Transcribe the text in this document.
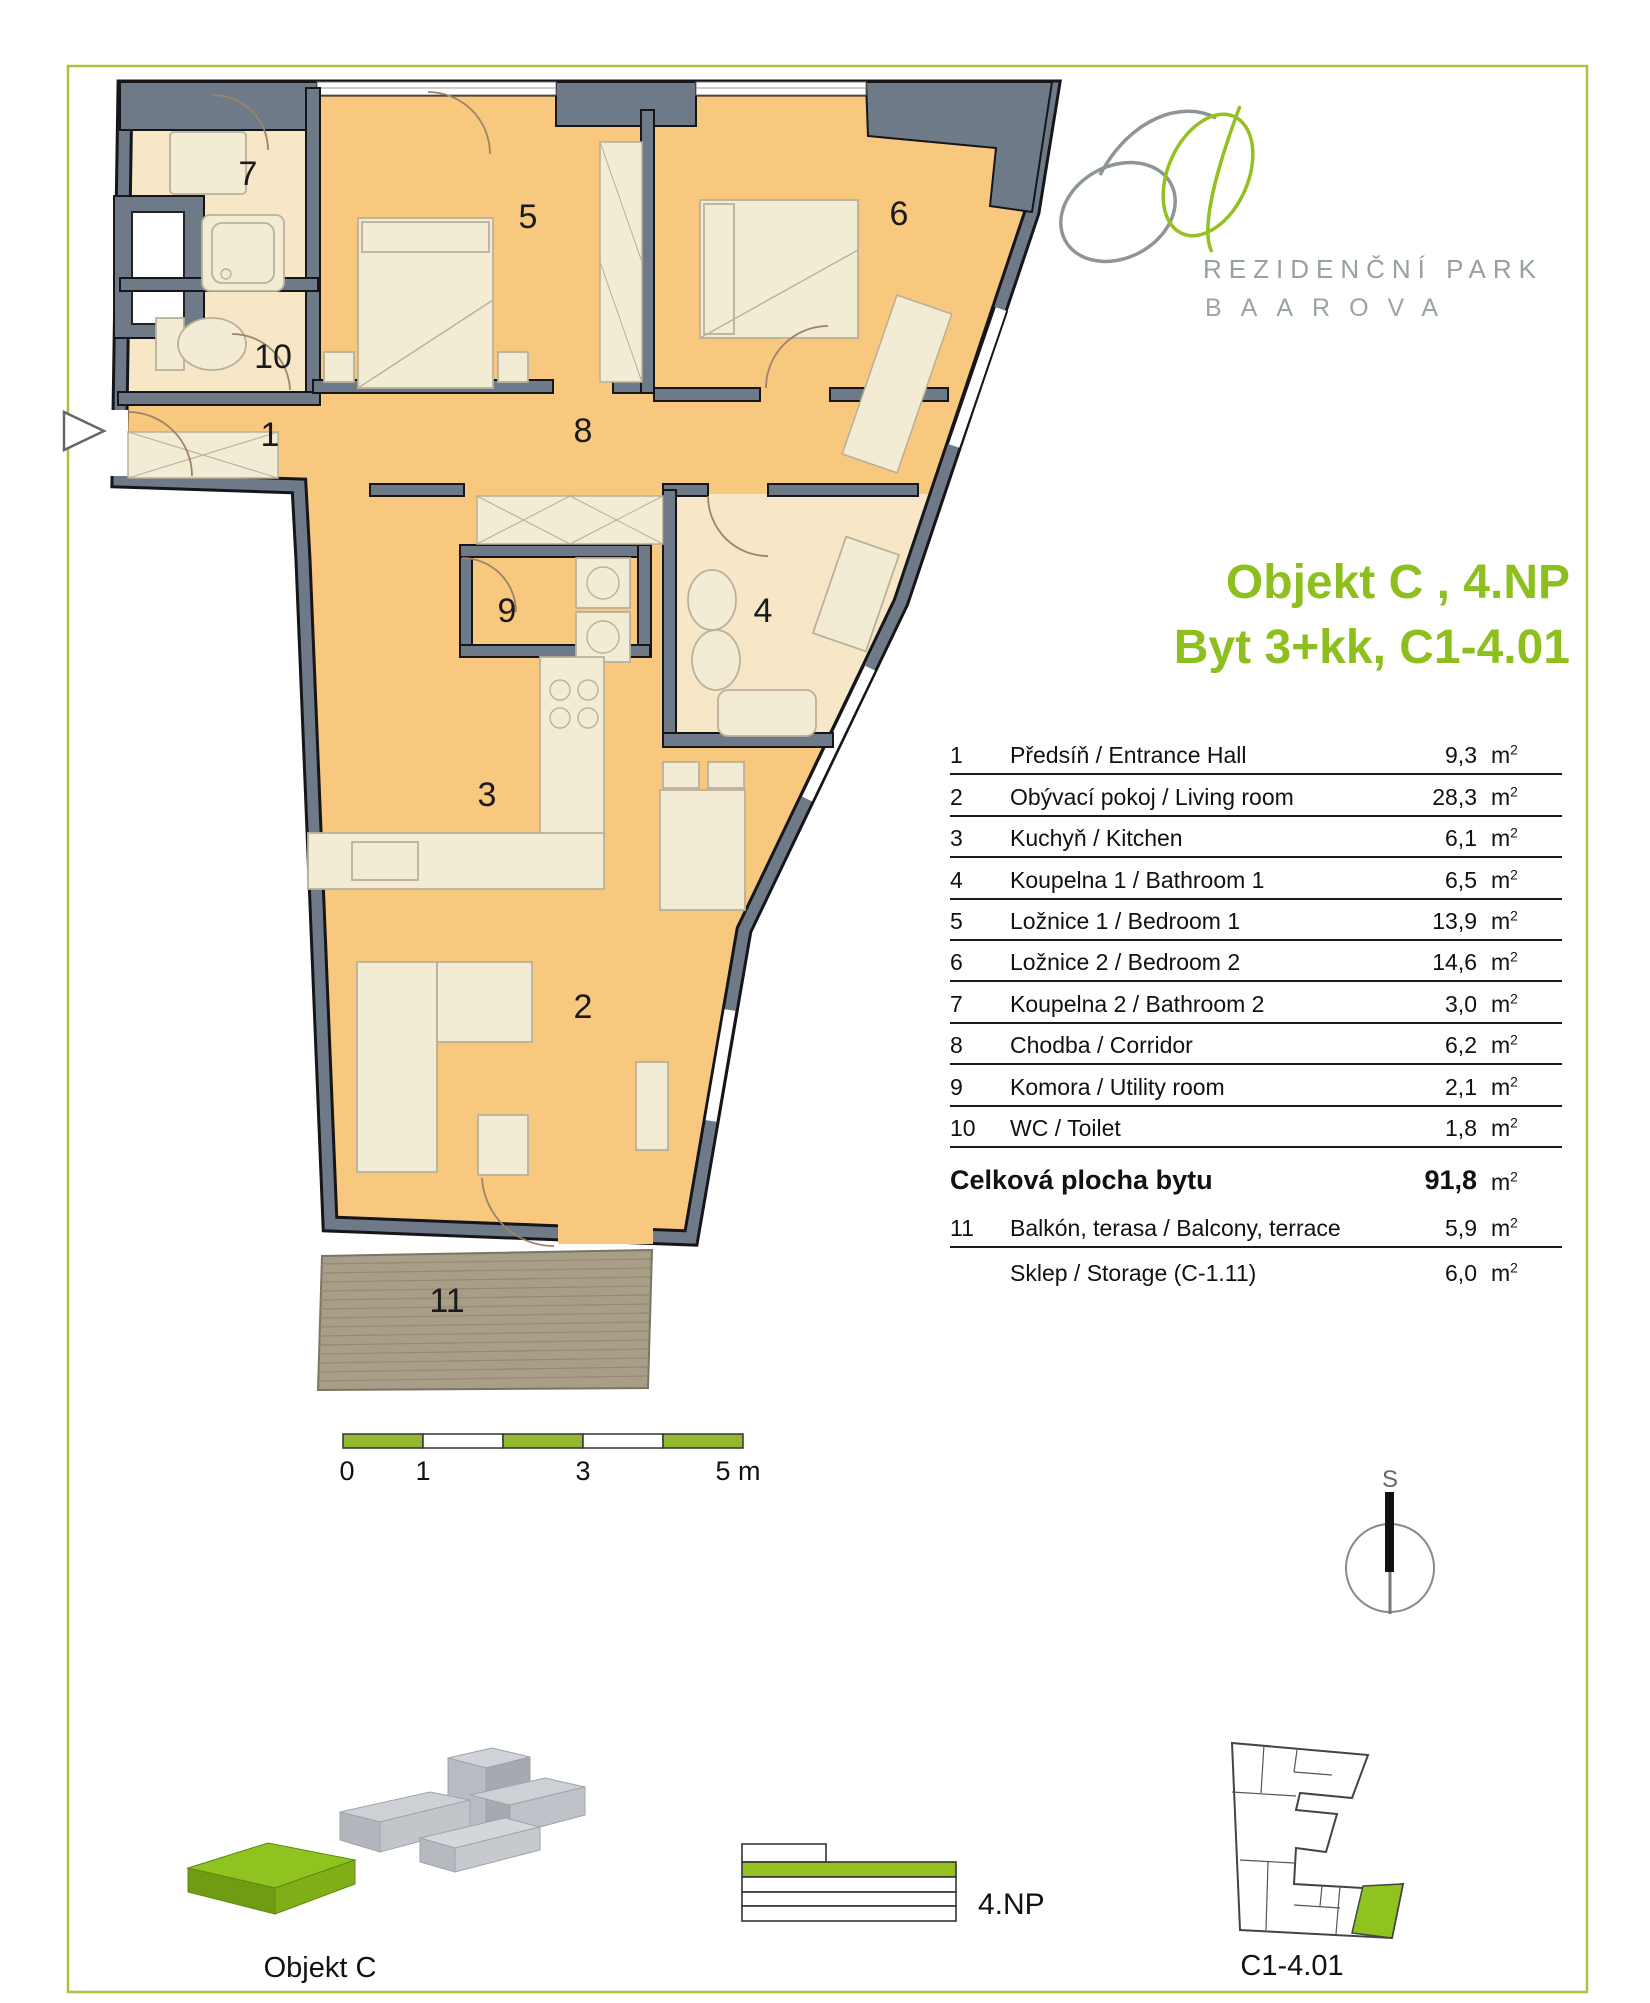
1
2
3
4
5	6
7
8
9
10
11
REZIDENČNÍ PARK
BAAROVA
Objekt C , 4.NP
Byt 3+kk, C1-4.01
1	Předsíň / Entrance Hall	9,3 $m^2$
2	Obývací pokoj / Living room	28,3 $m^2$
3	Kuchyň / Kitchen	6,1 $m^2$
4	Koupelna 1 / Bathroom 1	6,5 $m^2$
5	Ložnice 1 / Bedroom 1	13,9 $m^2$
6	Ložnice 2 / Bedroom 2	14,6 $m^2$
7	Koupelna 2 / Bathroom 2	3,0 $m^2$
8	Chodba / Corridor	6,2 $m^2$
9	Komora / Utility room	2,1 $m^2$
10	WC / Toilet	1,8 $m^2$
Celková plocha bytu	91,8 $m^2$
11	Balkón, terasa / Balcony, terrace	5,9 $m^2$
Sklep / Storage (C-1.11)	6,0 $m^2$
0 1	3	5 m	S
Objekt C
4.NP
C1-4.01
